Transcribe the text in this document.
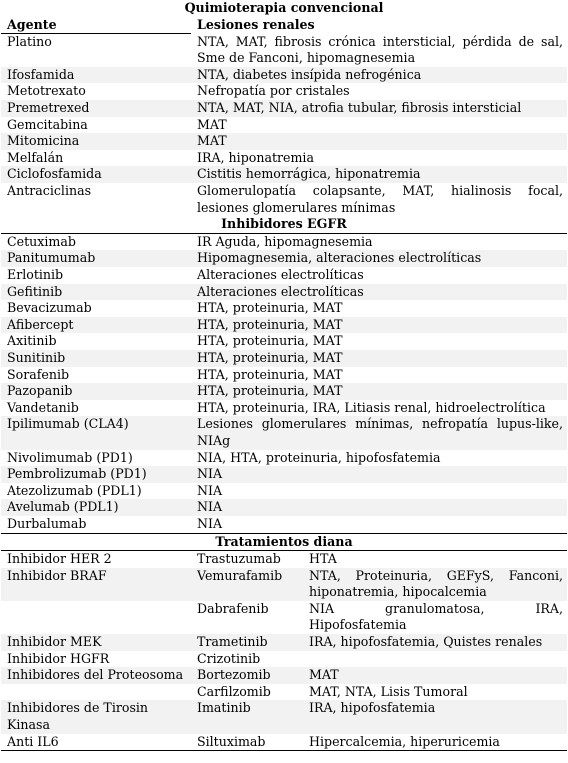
Quimioterapia convencional		
Agente	Lesiones renales	
Platino	NTA, MAT, fibrosis crónica intersticial, pérdida de sal, Sme de Fanconi, hipomagnesemia	
Ifosfamida	NTA, diabetes insípida nefrogénica	
Metotrexato	Nefropatía por cristales	
Premetrexed	NTA, MAT, NIA, atrofia tubular, fibrosis intersticial	
Gemcitabina	MAT	
Mitomicina	MAT	
Melfalán	IRA, hiponatremia	
Ciclofosfamida	Cistitis hemorrágica, hiponatremia	
Antraciclinas	Glomerulopatía colapsante, MAT, hialinosis focal, lesiones glomerulares mínimas	
Inhibidores EGFR		
Cetuximab	IR Aguda, hipomagnesemia	
Panitumumab	Hipomagnesemia, alteraciones electrolíticas	
Erlotinib	Alteraciones electrolíticas	
Gefitinib	Alteraciones electrolíticas	
Bevacizumab	HTA, proteinuria, MAT	
Afibercept	HTA, proteinuria, MAT	
Axitinib	HTA, proteinuria, MAT	
Sunitinib	HTA, proteinuria, MAT	
Sorafenib	HTA, proteinuria, MAT	
Pazopanib	HTA, proteinuria, MAT	
Vandetanib	HTA, proteinuria, IRA, Litiasis renal, hidroelectrolítica	
Ipilimumab (CLA4)	Lesiones glomerulares mínimas, nefropatía lupus-like, NIAg	
Nivolimumab (PD1)	NIA, HTA, proteinuria, hipofosfatemia	
Pembrolizumab (PD1)	NIA	
Atezolizumab (PDL1)	NIA	
Avelumab (PDL1)	NIA	
Durbalumab	NIA	
Tratamientos diana		
Inhibidor HER 2	Trastuzumab	HTA
Inhibidor BRAF	Vemurafamib	NTA, Proteinuria, GEFyS, Fanconi, hiponatremia, hipocalcemia
	Dabrafenib	NIA granulomatosa, IRA, Hipofosfatemia
Inhibidor MEK	Trametinib	IRA, hipofosfatemia, Quistes renales
Inhibidor HGFR	Crizotinib	
Inhibidores del Proteosoma	Bortezomib	MAT
	Carfilzomib	MAT, NTA, Lisis Tumoral
Inhibidores de Tirosin Kinasa	Imatinib	IRA, hipofosfatemia
Anti IL6	Siltuximab	Hipercalcemia, hiperuricemia
